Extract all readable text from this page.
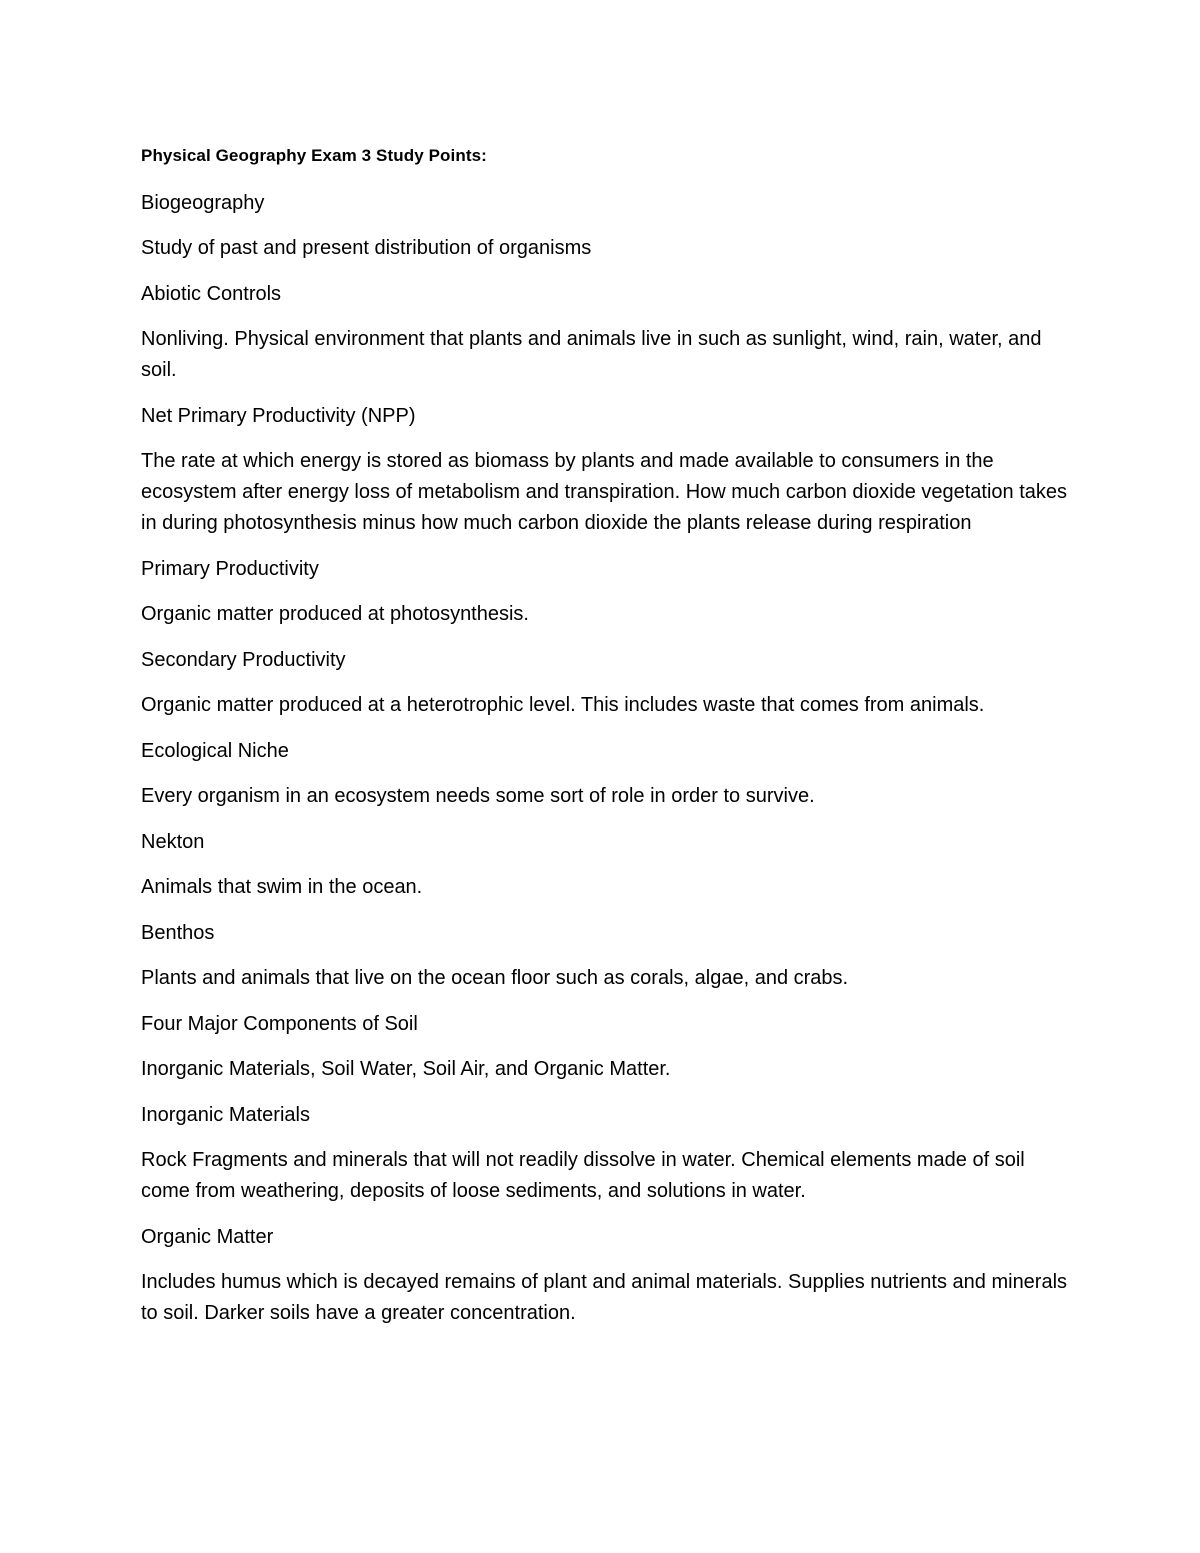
Physical Geography Exam 3 Study Points:

Biogeography

Study of past and present distribution of organisms

Abiotic Controls

Nonliving. Physical environment that plants and animals live in such as sunlight, wind, rain, water, and soil.

Net Primary Productivity (NPP)

The rate at which energy is stored as biomass by plants and made available to consumers in the ecosystem after energy loss of metabolism and transpiration. How much carbon dioxide vegetation takes in during photosynthesis minus how much carbon dioxide the plants release during respiration

Primary Productivity

Organic matter produced at photosynthesis.

Secondary Productivity

Organic matter produced at a heterotrophic level. This includes waste that comes from animals.

Ecological Niche

Every organism in an ecosystem needs some sort of role in order to survive.

Nekton

Animals that swim in the ocean.

Benthos

Plants and animals that live on the ocean floor such as corals, algae, and crabs.

Four Major Components of Soil

Inorganic Materials, Soil Water, Soil Air, and Organic Matter.

Inorganic Materials

Rock Fragments and minerals that will not readily dissolve in water. Chemical elements made of soil come from weathering, deposits of loose sediments, and solutions in water.

Organic Matter

Includes humus which is decayed remains of plant and animal materials. Supplies nutrients and minerals to soil. Darker soils have a greater concentration.
